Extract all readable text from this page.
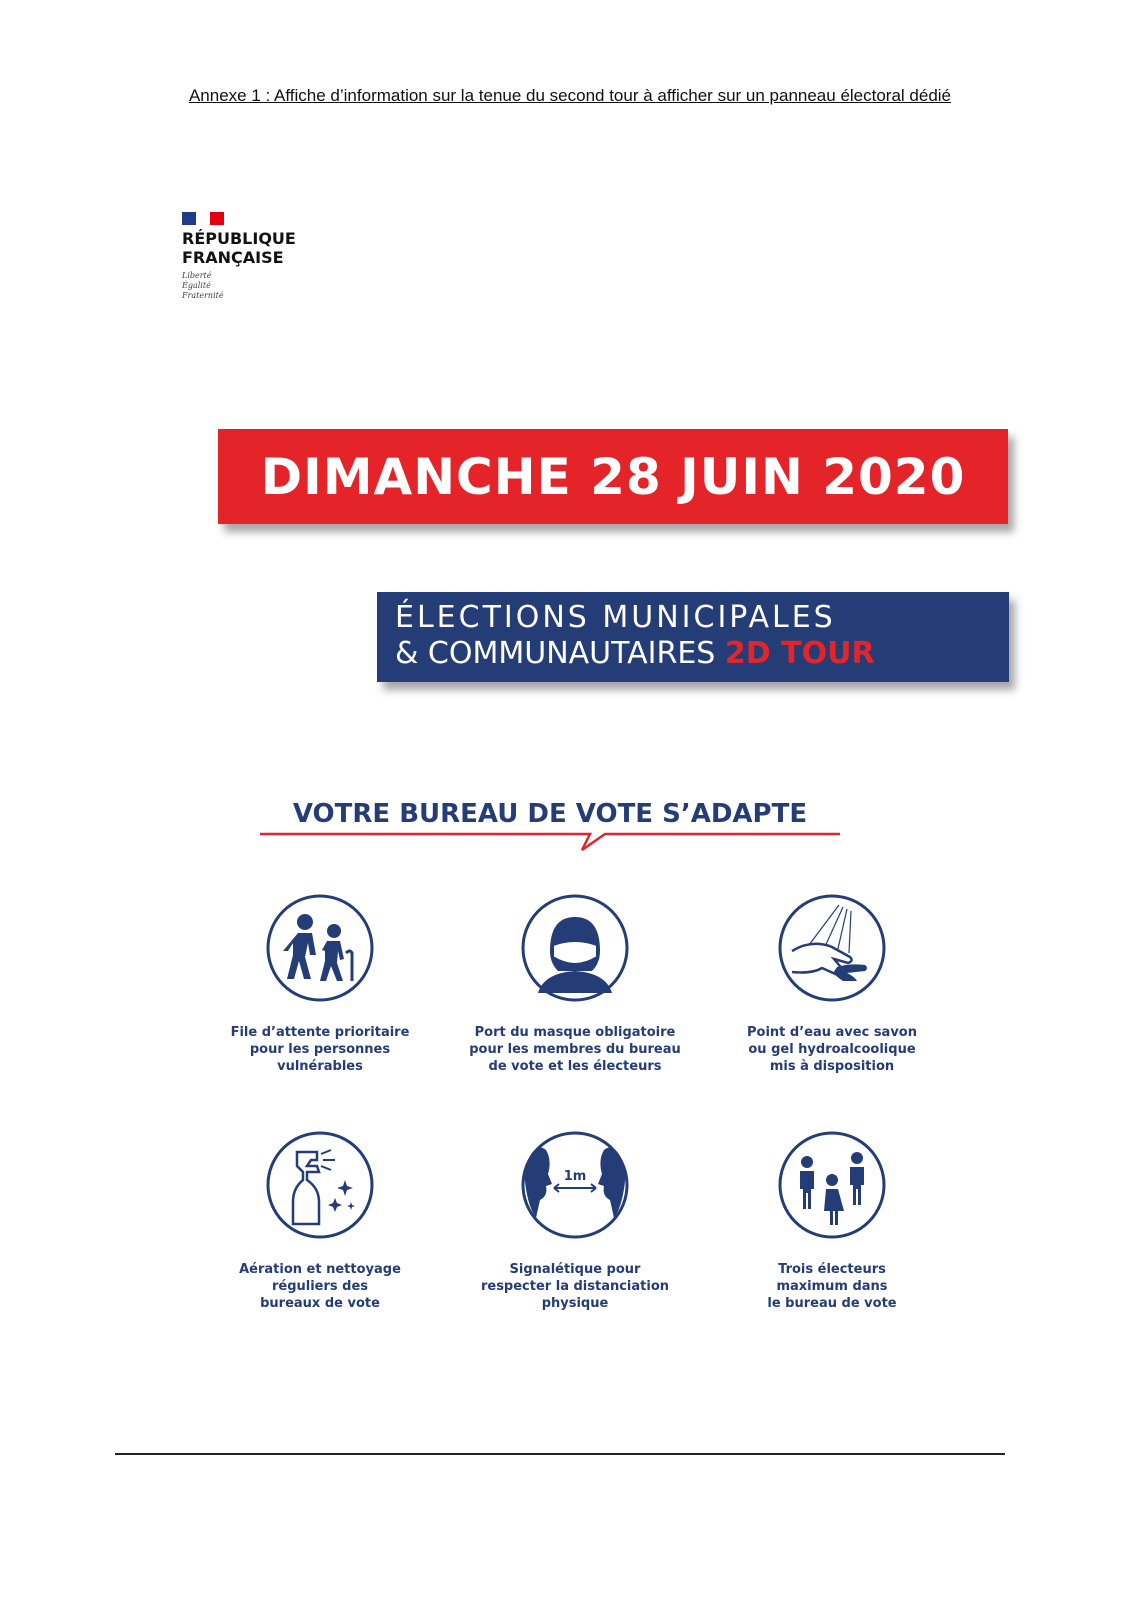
Annexe 1 : Affiche d’information sur la tenue du second tour à afficher sur un panneau électoral dédié
RÉPUBLIQUE
FRANÇAISE
Liberté
Égalité
Fraternité
DIMANCHE 28 JUIN 2020
ÉLECTIONS MUNICIPALES
& COMMUNAUTAIRES 2D TOUR
VOTRE BUREAU DE VOTE S’ADAPTE
File d’attente prioritaire
pour les personnes
vulnérables
Port du masque obligatoire
pour les membres du bureau
de vote et les électeurs
Point d’eau avec savon
ou gel hydroalcoolique
mis à disposition
Aération et nettoyage
réguliers des
bureaux de vote
1m
Signalétique pour
respecter la distanciation
physique
Trois électeurs
maximum dans
le bureau de vote
